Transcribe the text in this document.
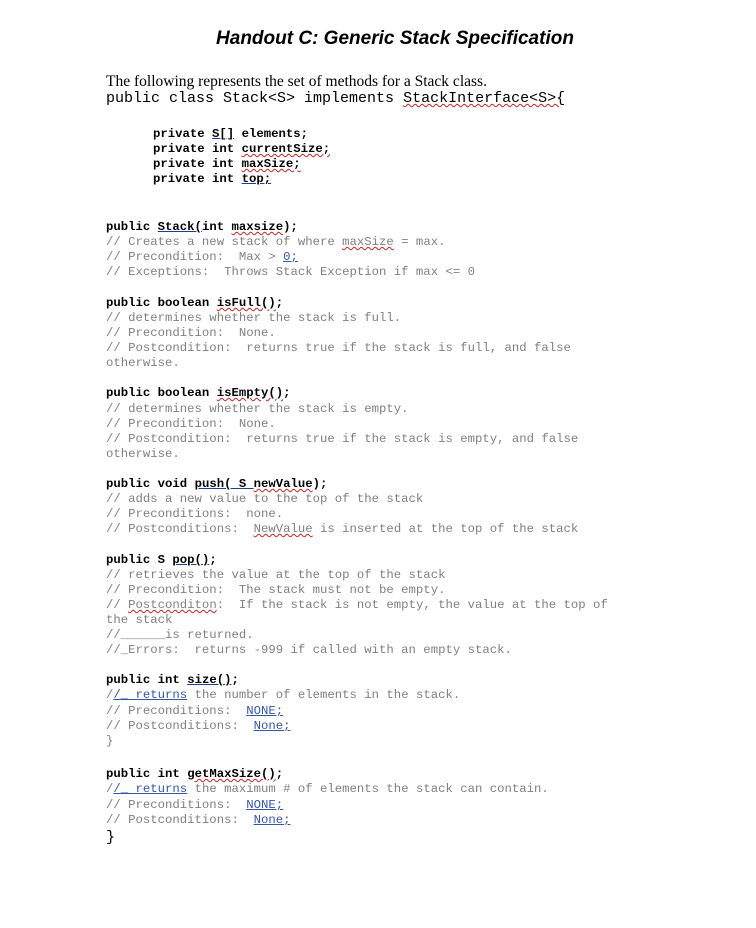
Handout C: Generic Stack Specification
The following represents the set of methods for a Stack class.
public class Stack<S> implements StackInterface<S>{
private S[] elements;
private int currentSize;
private int maxSize;
private int top;
public Stack(int maxsize);
// Creates a new stack of where maxSize = max.
// Precondition:  Max > 0;
// Exceptions:  Throws Stack Exception if max <= 0
public boolean isFull();
// determines whether the stack is full.
// Precondition:  None.
// Postcondition:  returns true if the stack is full, and false
otherwise.
public boolean isEmpty();
// determines whether the stack is empty.
// Precondition:  None.
// Postcondition:  returns true if the stack is empty, and false
otherwise.
public void push( S newValue);
// adds a new value to the top of the stack
// Preconditions:  none.
// Postconditions:  NewValue is inserted at the top of the stack
public S pop();
// retrieves the value at the top of the stack
// Precondition:  The stack must not be empty.
// Postconditon:  If the stack is not empty, the value at the top of
the stack
//______is returned.
//_Errors:  returns -999 if called with an empty stack.
public int size();
//_ returns the number of elements in the stack.
// Preconditions:  NONE;
// Postconditions:  None;
}
public int getMaxSize();
//_ returns the maximum # of elements the stack can contain.
// Preconditions:  NONE;
// Postconditions:  None;
}
